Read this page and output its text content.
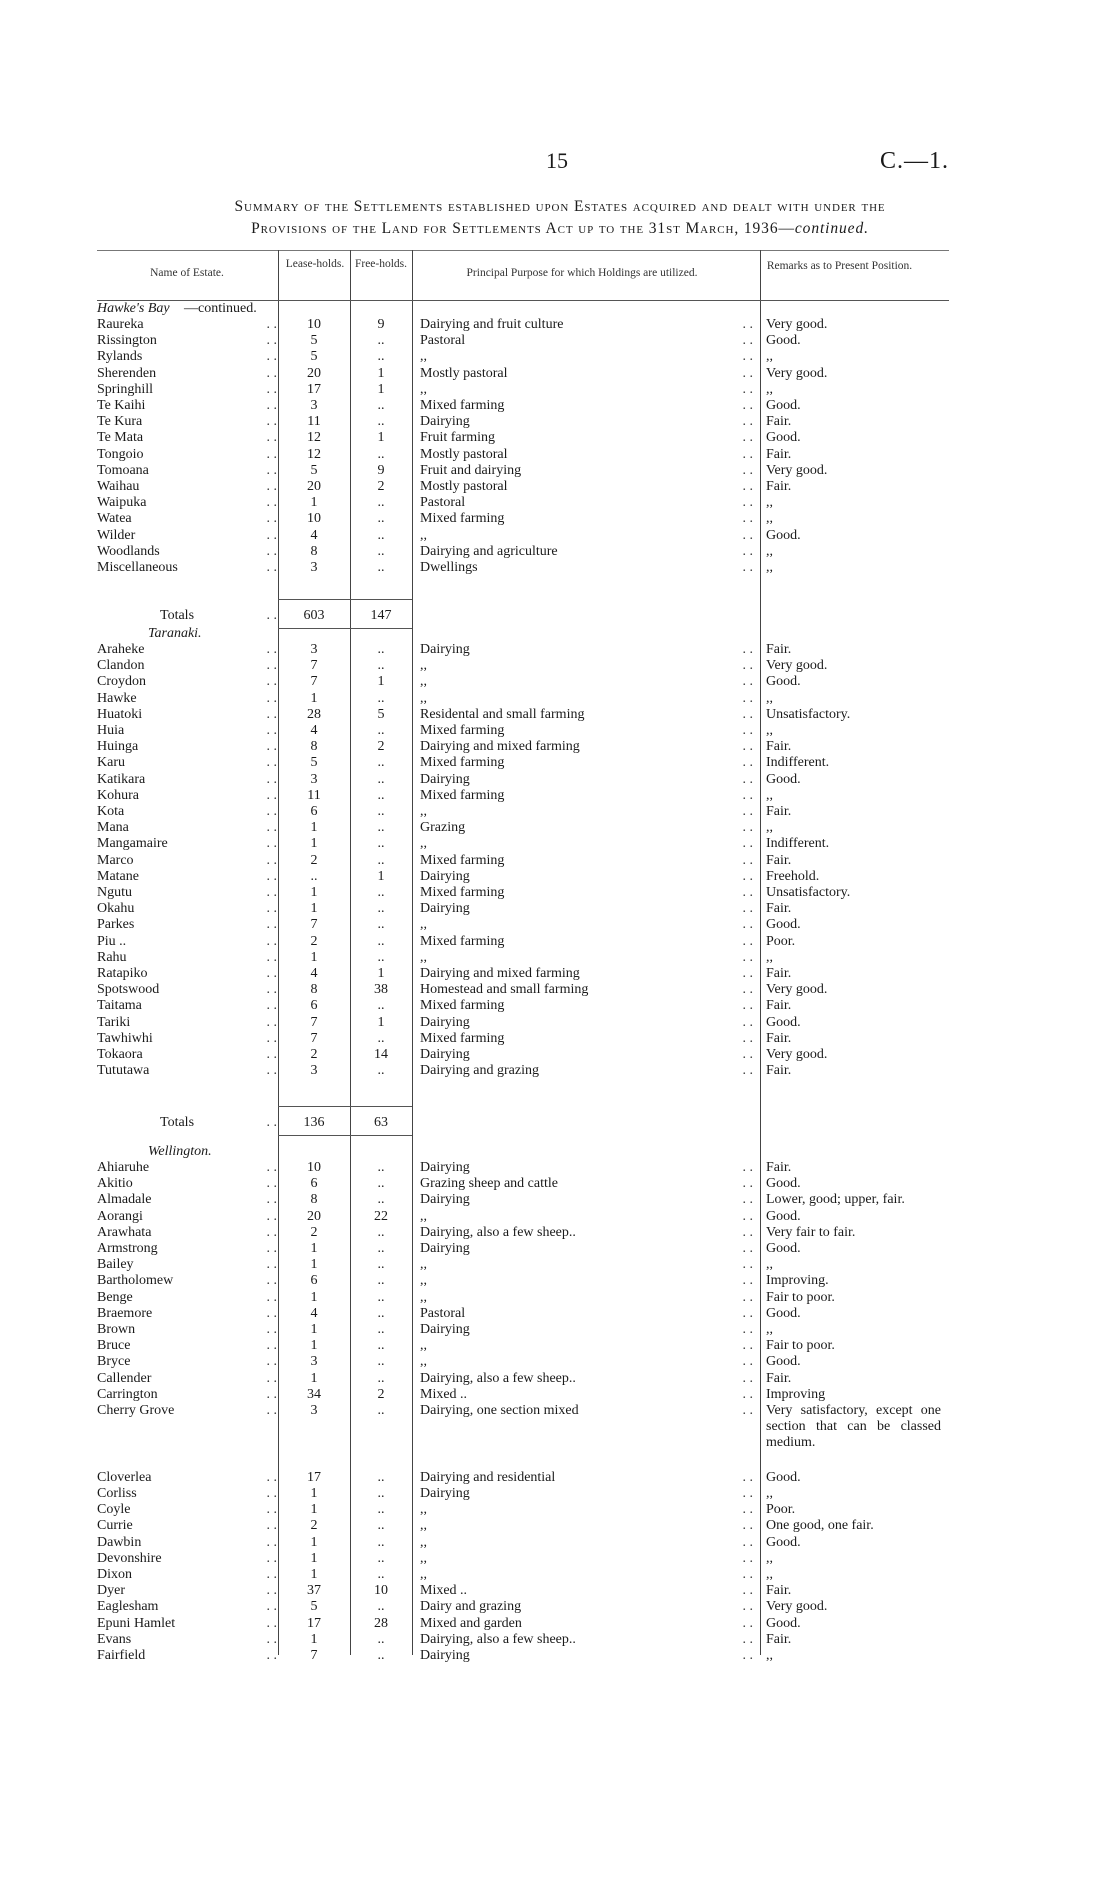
15	C.—1.
Summary of the Settlements established upon Estates acquired and dealt with under the
Provisions of the Land for Settlements Act up to the 31st March, 1936—continued.
Name of Estate.
Lease-holds. Free-holds.
Principal Purpose for which Holdings are utilized.
Remarks as to Present Position.
Hawke's Bay —continued.
Raureka	. .	10	9	Dairying and fruit culture	. . Very good.
Rissington	. .	5	..	Pastoral	. . Good.
Rylands	. .	5	..	,,	. . ,,
Sherenden	. .	20	1	Mostly pastoral	. . Very good.
Springhill	. .	17	1	,,	. . ,,
Te Kaihi	. .	3	..	Mixed farming	. . Good.
Te Kura	. .	11	..	Dairying	. . Fair.
Te Mata	. .	12	1	Fruit farming	. . Good.
Tongoio	. .	12	..	Mostly pastoral	. . Fair.
Tomoana	. .	5	9	Fruit and dairying	. . Very good.
Waihau	. .	20	2	Mostly pastoral	. . Fair.
Waipuka	. .	1	..	Pastoral	. . ,,
Watea	. .	10	..	Mixed farming	. . ,,
Wilder	. .	4	..	,,	. . Good.
Woodlands	. .	8	..	Dairying and agriculture	. . ,,
Miscellaneous	. .	3	..	Dwellings	. . ,,
Totals	. .	603	147
Taranaki.
Araheke	. .	3	..	Dairying	. . Fair.
Clandon	. .	7	..	,,	. . Very good.
Croydon	. .	7	1	,,	. . Good.
Hawke	. .	1	..	,,	. . ,,
Huatoki	. .	28	5	Residental and small farming	. . Unsatisfactory.
Huia	. .	4	..	Mixed farming	. . ,,
Huinga	. .	8	2	Dairying and mixed farming	. . Fair.
Karu	. .	5	..	Mixed farming	. . Indifferent.
Katikara	. .	3	..	Dairying	. . Good.
Kohura	. .	11	..	Mixed farming	. . ,,
Kota	. .	6	..	,,	. . Fair.
Mana	. .	1	..	Grazing	. . ,,
Mangamaire	. .	1	..	,,	. . Indifferent.
Marco	. .	2	..	Mixed farming	. . Fair.
Matane	. .	..	1	Dairying	. . Freehold.
Ngutu	. .	1	..	Mixed farming	. . Unsatisfactory.
Okahu	. .	1	..	Dairying	. . Fair.
Parkes	. .	7	..	,,	. . Good.
Piu ..	. .	2	..	Mixed farming	. . Poor.
Rahu	. .	1	..	,,	. . ,,
Ratapiko	. .	4	1	Dairying and mixed farming	. . Fair.
Spotswood	. .	8	38	Homestead and small farming	. . Very good.
Taitama	. .	6	..	Mixed farming	. . Fair.
Tariki	. .	7	1	Dairying	. . Good.
Tawhiwhi	. .	7	..	Mixed farming	. . Fair.
Tokaora	. .	2	14	Dairying	. . Very good.
Tututawa	. .	3	..	Dairying and grazing	. . Fair.
Totals	. .	136	63
Wellington.
Ahiaruhe	. .	10	..	Dairying	. . Fair.
Akitio	. .	6	..	Grazing sheep and cattle	. . Good.
Almadale	. .	8	..	Dairying	. . Lower, good; upper, fair.
Aorangi	. .	20	22	,,	. . Good.
Arawhata	. .	2	..	Dairying, also a few sheep..	. . Very fair to fair.
Armstrong	. .	1	..	Dairying	. . Good.
Bailey	. .	1	..	,,	. . ,,
Bartholomew	. .	6	..	,,	. . Improving.
Benge	. .	1	..	,,	. . Fair to poor.
Braemore	. .	4	..	Pastoral	. . Good.
Brown	. .	1	..	Dairying	. . ,,
Bruce	. .	1	..	,,	. . Fair to poor.
Bryce	. .	3	..	,,	. . Good.
Callender	. .	1	..	Dairying, also a few sheep..	. . Fair.
Carrington	. .	34	2	Mixed ..	. . Improving
Cherry Grove	. .	3	..	Dairying, one section mixed	. . Very satisfactory, except one section that can be classed medium.
Cloverlea	. .	17	..	Dairying and residential	. . Good.
Corliss	. .	1	..	Dairying	. . ,,
Coyle	. .	1	..	,,	. . Poor.
Currie	. .	2	..	,,	. . One good, one fair.
Dawbin	. .	1	..	,,	. . Good.
Devonshire	. .	1	..	,,	. . ,,
Dixon	. .	1	..	,,	. . ,,
Dyer	. .	37	10	Mixed ..	. . Fair.
Eaglesham	. .	5	..	Dairy and grazing	. . Very good.
Epuni Hamlet	. .	17	28	Mixed and garden	. . Good.
Evans	. .	1	..	Dairying, also a few sheep..	. . Fair.
Fairfield	. .	7	..	Dairying	. . ,,
